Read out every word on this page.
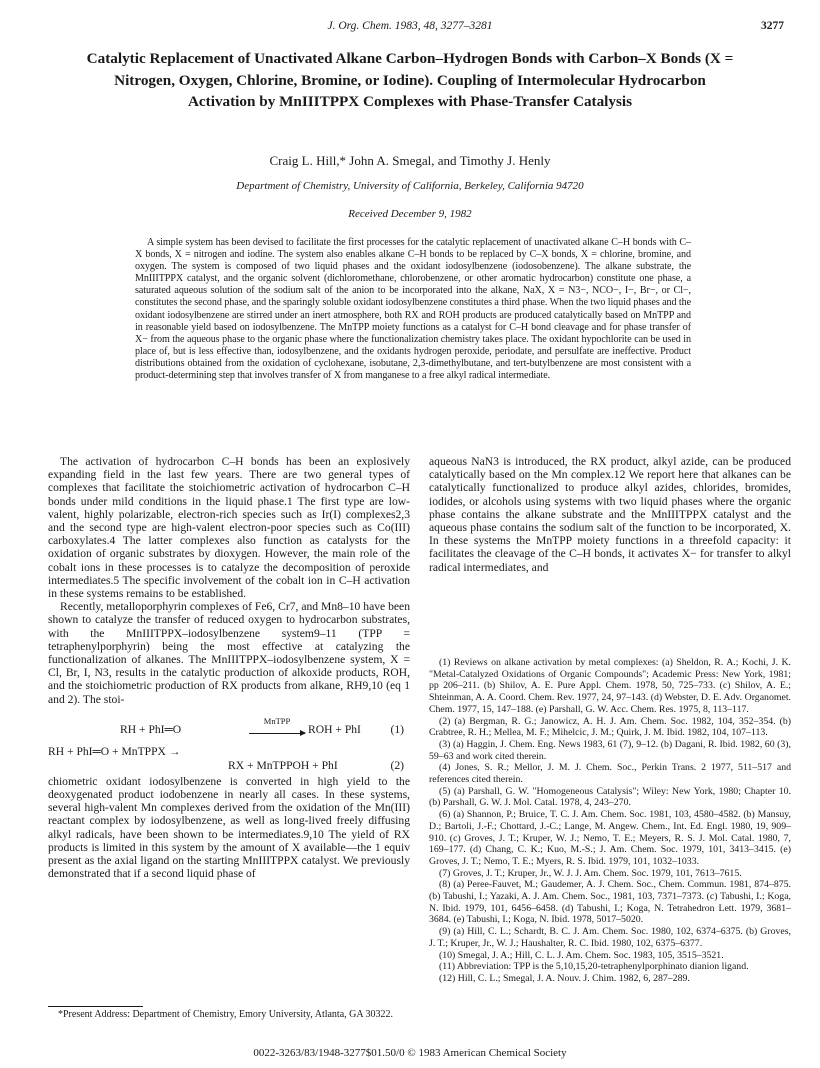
J. Org. Chem. 1983, 48, 3277–3281	3277
Catalytic Replacement of Unactivated Alkane Carbon–Hydrogen Bonds with Carbon–X Bonds (X = Nitrogen, Oxygen, Chlorine, Bromine, or Iodine). Coupling of Intermolecular Hydrocarbon Activation by MnIIITPPX Complexes with Phase-Transfer Catalysis
Craig L. Hill,* John A. Smegal, and Timothy J. Henly
Department of Chemistry, University of California, Berkeley, California 94720
Received December 9, 1982
A simple system has been devised to facilitate the first processes for the catalytic replacement of unactivated alkane C–H bonds with C–X bonds, X = nitrogen and iodine. The system also enables alkane C–H bonds to be replaced by C–X bonds, X = chlorine, bromine, and oxygen. The system is composed of two liquid phases and the oxidant iodosylbenzene (iodosobenzene). The alkane substrate, the MnIIITPPX catalyst, and the organic solvent (dichloromethane, chlorobenzene, or other aromatic hydrocarbon) constitute one phase, a saturated aqueous solution of the sodium salt of the anion to be incorporated into the alkane, NaX, X = N3−, NCO−, I−, Br−, or Cl−, constitutes the second phase, and the sparingly soluble oxidant iodosylbenzene constitutes a third phase. When the two liquid phases and the oxidant iodosylbenzene are stirred under an inert atmosphere, both RX and ROH products are produced catalytically based on MnTPP and in reasonable yield based on iodosylbenzene. The MnTPP moiety functions as a catalyst for C–H bond cleavage and for phase transfer of X− from the aqueous phase to the organic phase where the functionalization chemistry takes place. The oxidant hypochlorite can be used in place of, but is less effective than, iodosylbenzene, and the oxidants hydrogen peroxide, periodate, and persulfate are ineffective. Product distributions obtained from the oxidation of cyclohexane, isobutane, 2,3-dimethylbutane, and tert-butylbenzene are most consistent with a product-determining step that involves transfer of X from manganese to a free alkyl radical intermediate.

The activation of hydrocarbon C–H bonds has been an explosively expanding field in the last few years. There are two general types of complexes that facilitate the stoichiometric activation of hydrocarbon C–H bonds under mild conditions in the liquid phase.1 The first type are low-valent, highly polarizable, electron-rich species such as Ir(I) complexes2,3 and the second type are high-valent electron-poor species such as Co(III) carboxylates.4 The latter complexes also function as catalysts for the oxidation of organic substrates by dioxygen. However, the main role of the cobalt ions in these processes is to catalyze the decomposition of peroxide intermediates.5 The specific involvement of the cobalt ion in C–H activation in these systems remains to be established.

Recently, metalloporphyrin complexes of Fe6, Cr7, and Mn8–10 have been shown to catalyze the transfer of reduced oxygen to hydrocarbon substrates, with the MnIIITPPX–iodosylbenzene system9–11 (TPP = tetraphenylporphyrin) being the most effective at catalyzing the functionalization of alkanes. The MnIIITPPX–iodosylbenzene system, X = Cl, Br, I, N3, results in the catalytic production of alkoxide products, ROH, and the stoichiometric production of RX products from alkane, RH9,10 (eq 1 and 2). The stoi-

RH + PhI═O
MnTPP
ROH + PhI	(1)
RH + PhI═O + MnTPPX →
RX + MnTPPOH + PhI	(2)

chiometric oxidant iodosylbenzene is converted in high yield to the deoxygenated product iodobenzene in nearly all cases. In these systems, several high-valent Mn complexes derived from the oxidation of the Mn(III) reactant complex by iodosylbenzene, as well as long-lived freely diffusing alkyl radicals, have been shown to be intermediates.9,10 The yield of RX products is limited in this system by the amount of X available—the 1 equiv present as the axial ligand on the starting MnIIITPPX catalyst. We previously demonstrated that if a second liquid phase of

*Present Address: Department of Chemistry, Emory University, Atlanta, GA 30322.

aqueous NaN3 is introduced, the RX product, alkyl azide, can be produced catalytically based on the Mn complex.12 We report here that alkanes can be catalytically functionalized to produce alkyl azides, chlorides, bromides, iodides, or alcohols using systems with two liquid phases where the organic phase contains the alkane substrate and the MnIIITPPX catalyst and the aqueous phase contains the sodium salt of the function to be incorporated, X. In these systems the MnTPP moiety functions in a threefold capacity: it facilitates the cleavage of the C–H bonds, it activates X− for transfer to alkyl radical intermediates, and

(1) Reviews on alkane activation by metal complexes: (a) Sheldon, R. A.; Kochi, J. K. "Metal-Catalyzed Oxidations of Organic Compounds"; Academic Press: New York, 1981; pp 206–211. (b) Shilov, A. E. Pure Appl. Chem. 1978, 50, 725–733. (c) Shilov, A. E.; Shteinman, A. A. Coord. Chem. Rev. 1977, 24, 97–143. (d) Webster, D. E. Adv. Organomet. Chem. 1977, 15, 147–188. (e) Parshall, G. W. Acc. Chem. Res. 1975, 8, 113–117.
(2) (a) Bergman, R. G.; Janowicz, A. H. J. Am. Chem. Soc. 1982, 104, 352–354. (b) Crabtree, R. H.; Mellea, M. F.; Mihelcic, J. M.; Quirk, J. M. Ibid. 1982, 104, 107–113.
(3) (a) Haggin, J. Chem. Eng. News 1983, 61 (7), 9–12. (b) Dagani, R. Ibid. 1982, 60 (3), 59–63 and work cited therein.
(4) Jones, S. R.; Mellor, J. M. J. Chem. Soc., Perkin Trans. 2 1977, 511–517 and references cited therein.
(5) (a) Parshall, G. W. "Homogeneous Catalysis"; Wiley: New York, 1980; Chapter 10. (b) Parshall, G. W. J. Mol. Catal. 1978, 4, 243–270.
(6) (a) Shannon, P.; Bruice, T. C. J. Am. Chem. Soc. 1981, 103, 4580–4582. (b) Mansuy, D.; Bartoli, J.-F.; Chottard, J.-C.; Lange, M. Angew. Chem., Int. Ed. Engl. 1980, 19, 909–910. (c) Groves, J. T.; Kruper, W. J.; Nemo, T. E.; Meyers, R. S. J. Mol. Catal. 1980, 7, 169–177. (d) Chang, C. K.; Kuo, M.-S.; J. Am. Chem. Soc. 1979, 101, 3413–3415. (e) Groves, J. T.; Nemo, T. E.; Myers, R. S. Ibid. 1979, 101, 1032–1033.
(7) Groves, J. T.; Kruper, Jr., W. J. J. Am. Chem. Soc. 1979, 101, 7613–7615.
(8) (a) Peree-Fauvet, M.; Gaudemer, A. J. Chem. Soc., Chem. Commun. 1981, 874–875. (b) Tabushi, I.; Yazaki, A. J. Am. Chem. Soc., 1981, 103, 7371–7373. (c) Tabushi, I.; Koga, N. Ibid. 1979, 101, 6456–6458. (d) Tabushi, I.; Koga, N. Tetrahedron Lett. 1979, 3681–3684. (e) Tabushi, I.; Koga, N. Ibid. 1978, 5017–5020.
(9) (a) Hill, C. L.; Schardt, B. C. J. Am. Chem. Soc. 1980, 102, 6374–6375. (b) Groves, J. T.; Kruper, Jr., W. J.; Haushalter, R. C. Ibid. 1980, 102, 6375–6377.
(10) Smegal, J. A.; Hill, C. L. J. Am. Chem. Soc. 1983, 105, 3515–3521.
(11) Abbreviation: TPP is the 5,10,15,20-tetraphenylporphinato dianion ligand.
(12) Hill, C. L.; Smegal, J. A. Nouv. J. Chim. 1982, 6, 287–289.
0022-3263/83/1948-3277$01.50/0 © 1983 American Chemical Society
